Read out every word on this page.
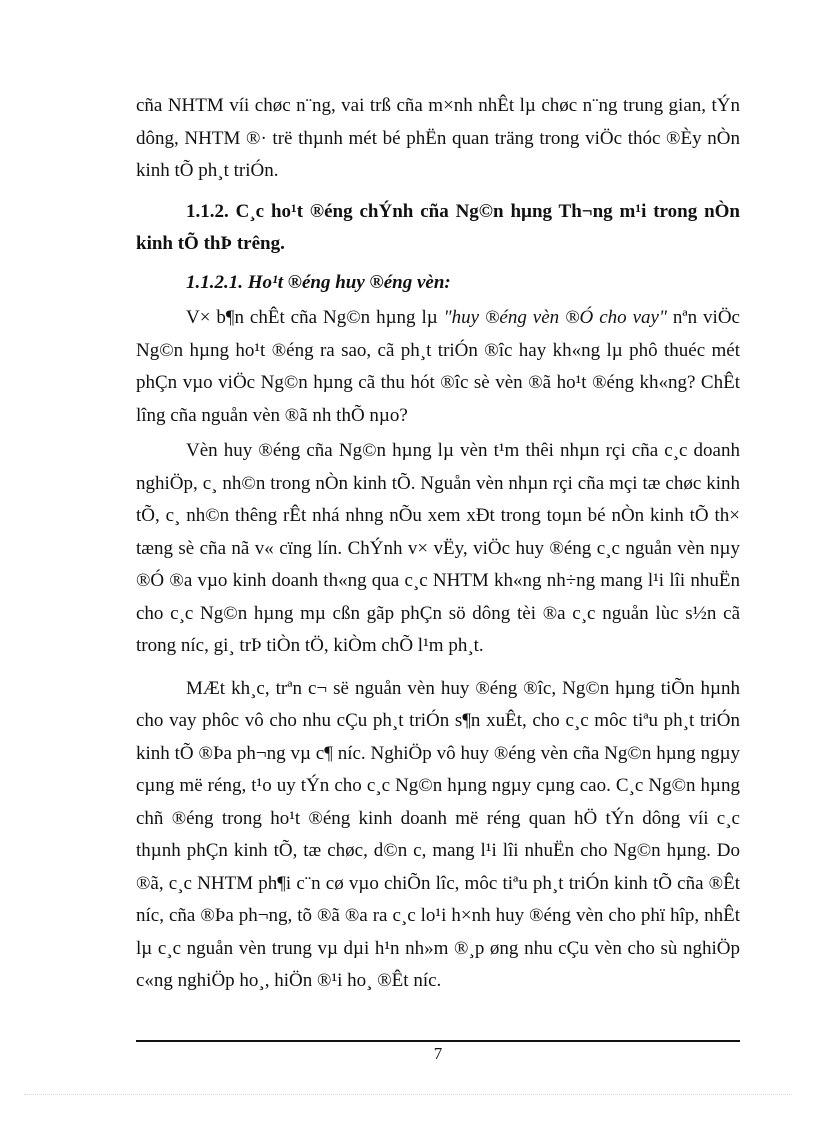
cña NHTM víi chøc n¨ng, vai trß cña m×nh nhÊt lµ chøc n¨ng trung gian, tÝn dông, NHTM ®· trë thµnh mét bé phËn quan träng trong viÖc thóc ®Èy nÒn kinh tÕ ph¸t triÓn.

1.1.2. C¸c ho¹t ®éng chÝnh cña Ng©n hµng Th¬ng m¹i trong nÒn kinh tÕ thÞ trêng.

1.1.2.1. Ho¹t ®éng huy ®éng vèn:

V× b¶n chÊt cña Ng©n hµng lµ "huy ®éng vèn ®Ó cho vay" nªn viÖc Ng©n hµng ho¹t ®éng ra sao, cã ph¸t triÓn ®îc hay kh«ng lµ phô thuéc mét phÇn vµo viÖc Ng©n hµng cã thu hót ®îc sè vèn ®ã ho¹t ®éng kh«ng? ChÊt lîng cña nguån vèn ®ã nh thÕ nµo?

Vèn huy ®éng cña Ng©n hµng lµ vèn t¹m thêi nhµn rçi cña c¸c doanh nghiÖp, c¸ nh©n trong nÒn kinh tÕ. Nguån vèn nhµn rçi cña mçi tæ chøc kinh tÕ, c¸ nh©n thêng rÊt nhá nhng nÕu xem xÐt trong toµn bé nÒn kinh tÕ th× tæng sè cña nã v« cïng lín. ChÝnh v× vËy, viÖc huy ®éng c¸c nguån vèn nµy ®Ó ®a vµo kinh doanh th«ng qua c¸c NHTM kh«ng nh÷ng mang l¹i lîi nhuËn cho c¸c Ng©n hµng mµ cßn gãp phÇn sö dông tèi ®a c¸c nguån lùc s½n cã trong níc, gi¸ trÞ tiÒn tÖ, kiÒm chÕ l¹m ph¸t.

MÆt kh¸c, trªn c¬ së nguån vèn huy ®éng ®îc, Ng©n hµng tiÕn hµnh cho vay phôc vô cho nhu cÇu ph¸t triÓn s¶n xuÊt, cho c¸c môc tiªu ph¸t triÓn kinh tÕ ®Þa ph¬ng vµ c¶ níc. NghiÖp vô huy ®éng vèn cña Ng©n hµng ngµy cµng më réng, t¹o uy tÝn cho c¸c Ng©n hµng ngµy cµng cao. C¸c Ng©n hµng chñ ®éng trong ho¹t ®éng kinh doanh më réng quan hÖ tÝn dông víi c¸c thµnh phÇn kinh tÕ, tæ chøc, d©n c, mang l¹i lîi nhuËn cho Ng©n hµng. Do ®ã, c¸c NHTM ph¶i c¨n cø vµo chiÕn lîc, môc tiªu ph¸t triÓn kinh tÕ cña ®Êt níc, cña ®Þa ph¬ng, tõ ®ã ®a ra c¸c lo¹i h×nh huy ®éng vèn cho phï hîp, nhÊt lµ c¸c nguån vèn trung vµ dµi h¹n nh»m ®¸p øng nhu cÇu vèn cho sù nghiÖp c«ng nghiÖp ho¸, hiÖn ®¹i ho¸ ®Êt níc.

7
